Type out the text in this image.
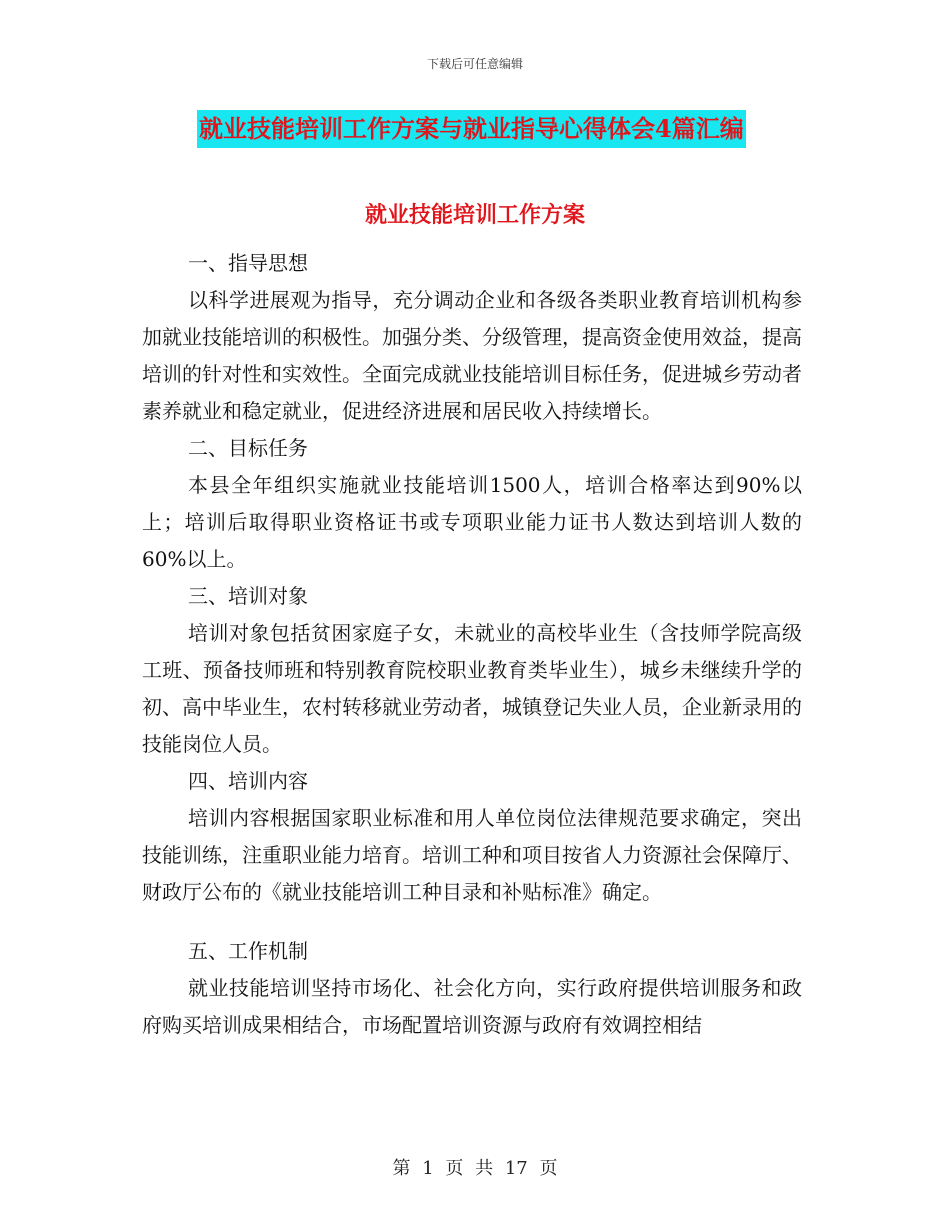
下载后可任意编辑
就业技能培训工作方案与就业指导心得体会4篇汇编
就业技能培训工作方案

一、指导思想

以科学进展观为指导，充分调动企业和各级各类职业教育培训机构参加就业技能培训的积极性。加强分类、分级管理，提高资金使用效益，提高培训的针对性和实效性。全面完成就业技能培训目标任务，促进城乡劳动者素养就业和稳定就业，促进经济进展和居民收入持续增长。

二、目标任务

本县全年组织实施就业技能培训1500人，培训合格率达到90%以上；培训后取得职业资格证书或专项职业能力证书人数达到培训人数的60%以上。

三、培训对象

培训对象包括贫困家庭子女，未就业的高校毕业生（含技师学院高级工班、预备技师班和特别教育院校职业教育类毕业生），城乡未继续升学的初、高中毕业生，农村转移就业劳动者，城镇登记失业人员，企业新录用的技能岗位人员。

四、培训内容

培训内容根据国家职业标准和用人单位岗位法律规范要求确定，突出技能训练，注重职业能力培育。培训工种和项目按省人力资源社会保障厅、财政厅公布的《就业技能培训工种目录和补贴标准》确定。

五、工作机制

就业技能培训坚持市场化、社会化方向，实行政府提供培训服务和政府购买培训成果相结合，市场配置培训资源与政府有效调控相结

第 1 页 共 17 页
